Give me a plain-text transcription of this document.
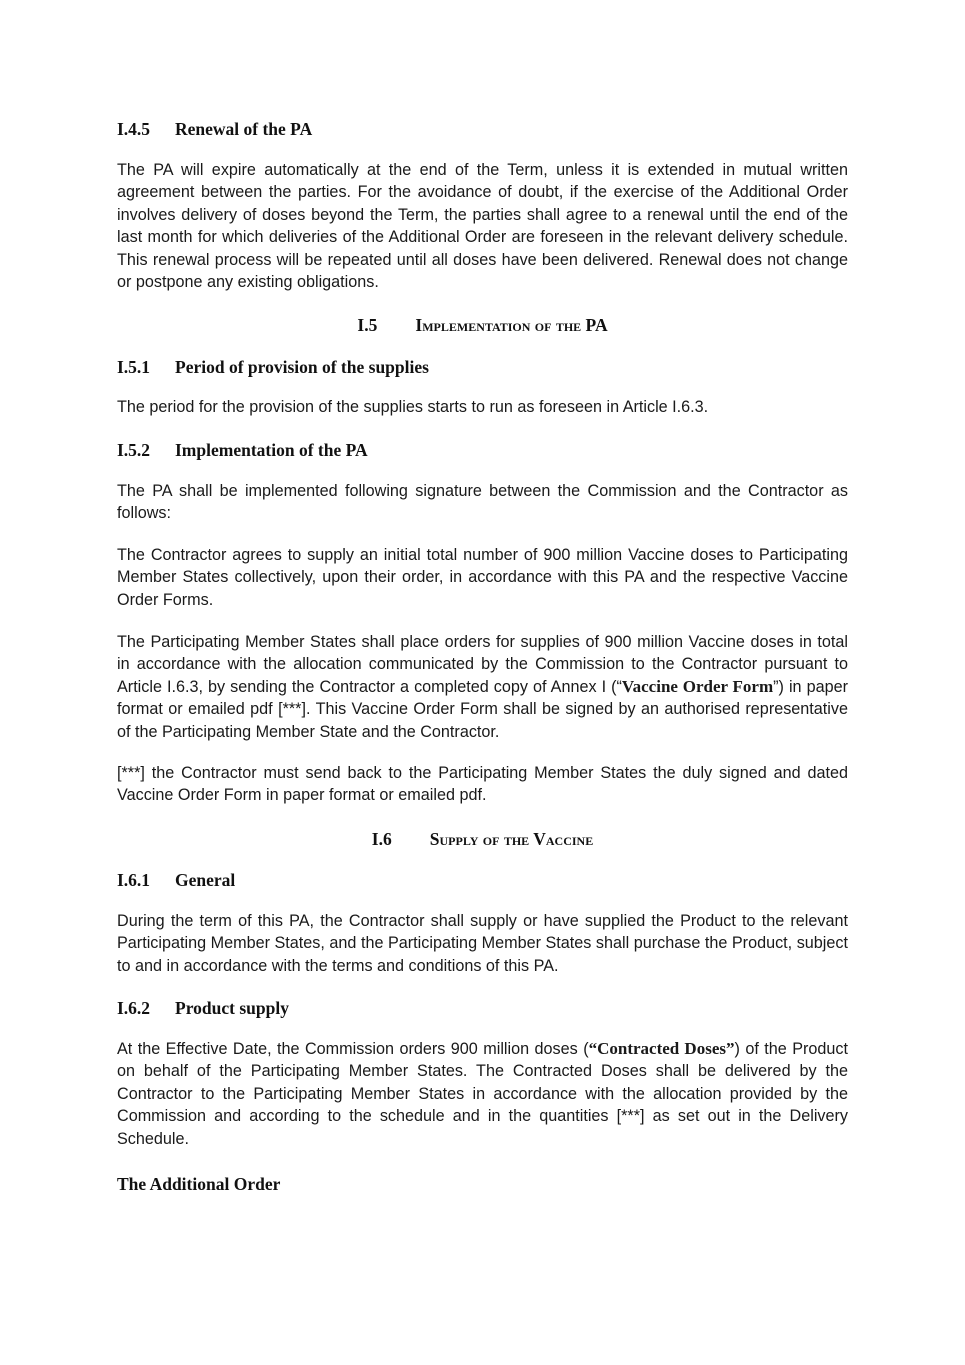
I.4.5 Renewal of the PA
The PA will expire automatically at the end of the Term, unless it is extended in mutual written agreement between the parties. For the avoidance of doubt, if the exercise of the Additional Order involves delivery of doses beyond the Term, the parties shall agree to a renewal until the end of the last month for which deliveries of the Additional Order are foreseen in the relevant delivery schedule. This renewal process will be repeated until all doses have been delivered. Renewal does not change or postpone any existing obligations.
I.5 Implementation of the PA
I.5.1 Period of provision of the supplies
The period for the provision of the supplies starts to run as foreseen in Article I.6.3.
I.5.2 Implementation of the PA
The PA shall be implemented following signature between the Commission and the Contractor as follows:
The Contractor agrees to supply an initial total number of 900 million Vaccine doses to Participating Member States collectively, upon their order, in accordance with this PA and the respective Vaccine Order Forms.
The Participating Member States shall place orders for supplies of 900 million Vaccine doses in total in accordance with the allocation communicated by the Commission to the Contractor pursuant to Article I.6.3, by sending the Contractor a completed copy of Annex I (“Vaccine Order Form”) in paper format or emailed pdf [***]. This Vaccine Order Form shall be signed by an authorised representative of the Participating Member State and the Contractor.
[***] the Contractor must send back to the Participating Member States the duly signed and dated Vaccine Order Form in paper format or emailed pdf.
I.6 Supply of the Vaccine
I.6.1 General
During the term of this PA, the Contractor shall supply or have supplied the Product to the relevant Participating Member States, and the Participating Member States shall purchase the Product, subject to and in accordance with the terms and conditions of this PA.
I.6.2 Product supply
At the Effective Date, the Commission orders 900 million doses (“Contracted Doses”) of the Product on behalf of the Participating Member States. The Contracted Doses shall be delivered by the Contractor to the Participating Member States in accordance with the allocation provided by the Commission and according to the schedule and in the quantities [***] as set out in the Delivery Schedule.
The Additional Order
